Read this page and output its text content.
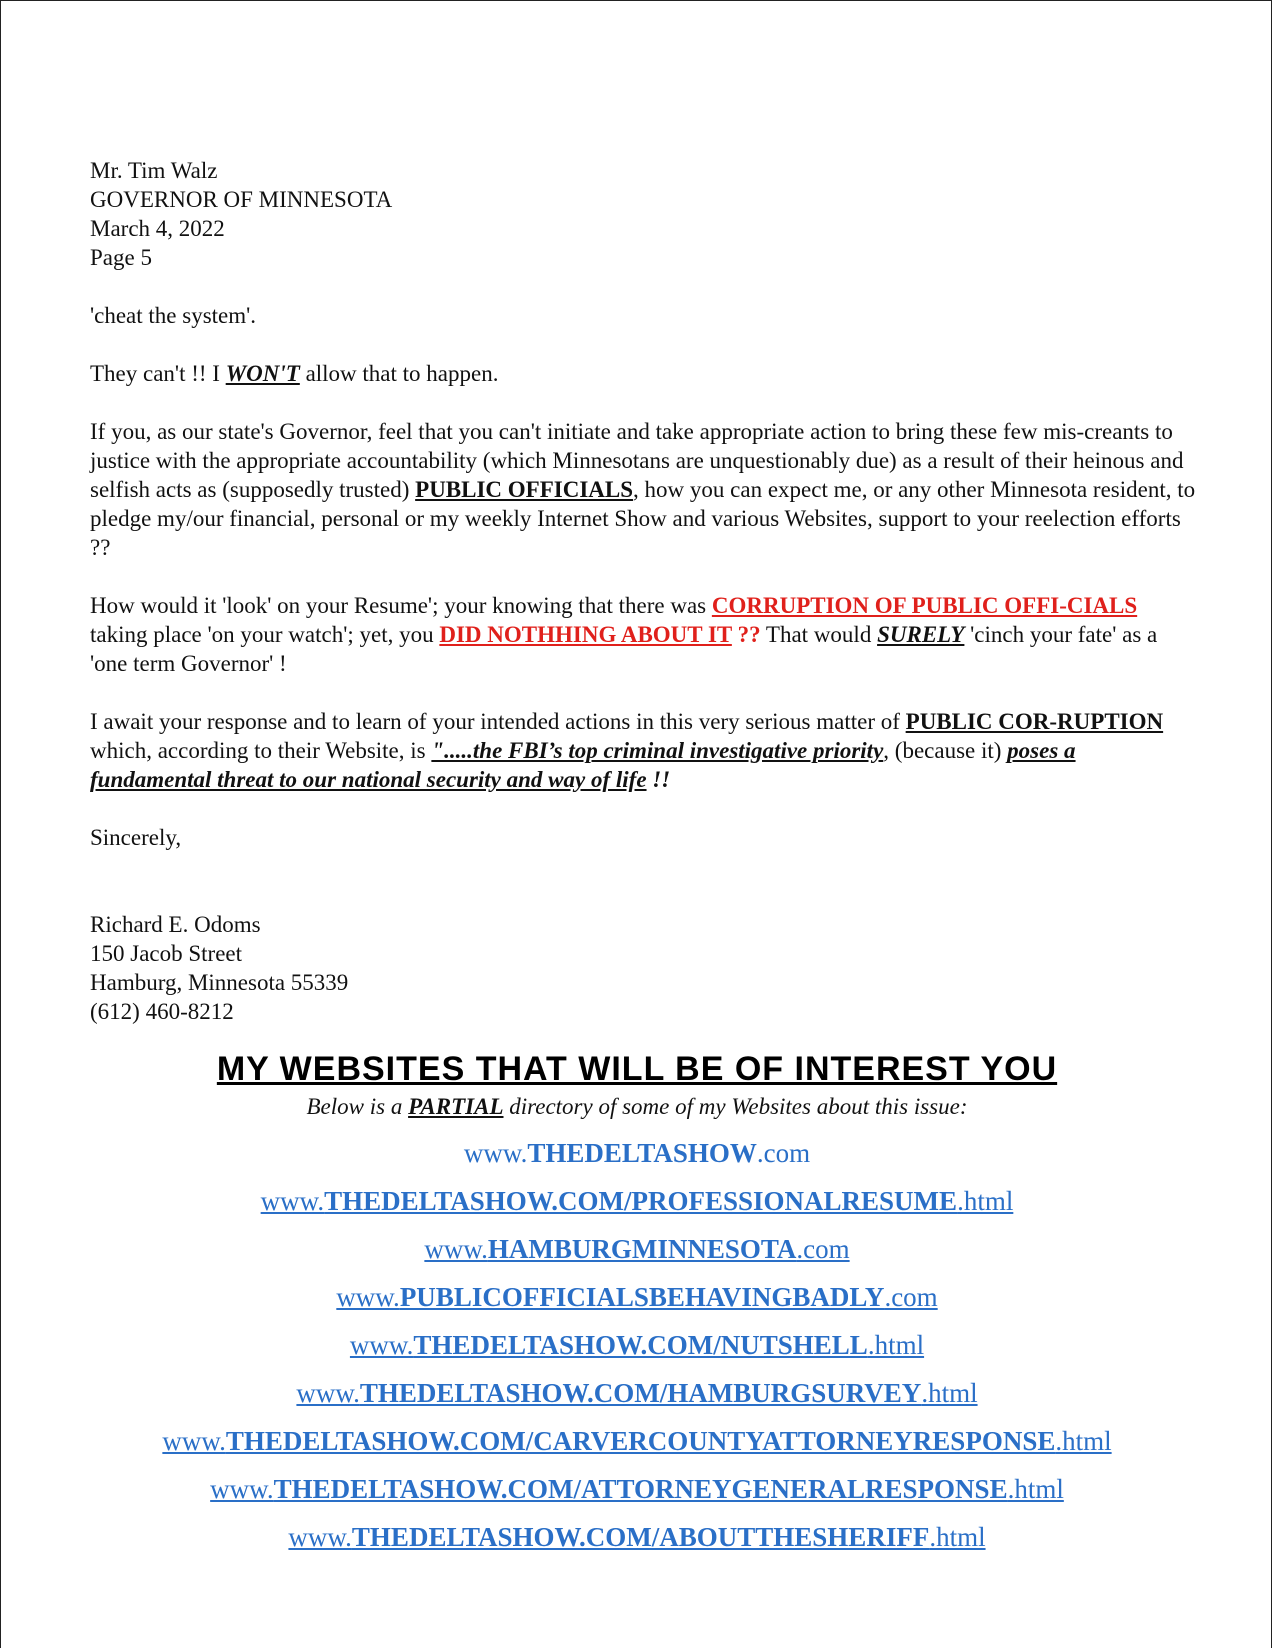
Mr. Tim Walz
GOVERNOR OF MINNESOTA
March 4, 2022
Page 5

'cheat the system'.

They can't !! I WON'T allow that to happen.

If you, as our state's Governor, feel that you can't initiate and take appropriate action to bring these few mis-creants to justice with the appropriate accountability (which Minnesotans are unquestionably due) as a result of their heinous and selfish acts as (supposedly trusted) PUBLIC OFFICIALS, how you can expect me, or any other Minnesota resident, to pledge my/our financial, personal or my weekly Internet Show and various Websites, support to your reelection efforts ??

How would it 'look' on your Resume'; your knowing that there was CORRUPTION OF PUBLIC OFFI-CIALS taking place 'on your watch'; yet, you DID NOTHHING ABOUT IT ?? That would SURELY 'cinch your fate' as a 'one term Governor' !

I await your response and to learn of your intended actions in this very serious matter of PUBLIC COR-RUPTION which, according to their Website, is ".....the FBI’s top criminal investigative priority, (because it) poses a fundamental threat to our national security and way of life !!

Sincerely,

Richard E. Odoms
150 Jacob Street
Hamburg, Minnesota 55339
(612) 460-8212
MY WEBSITES THAT WILL BE OF INTEREST YOU
Below is a PARTIAL directory of some of my Websites about this issue:
www.THEDELTASHOW.com
www.THEDELTASHOW.COM/PROFESSIONALRESUME.html
www.HAMBURGMINNESOTA.com
www.PUBLICOFFICIALSBEHAVINGBADLY.com
www.THEDELTASHOW.COM/NUTSHELL.html
www.THEDELTASHOW.COM/HAMBURGSURVEY.html
www.THEDELTASHOW.COM/CARVERCOUNTYATTORNEYRESPONSE.html
www.THEDELTASHOW.COM/ATTORNEYGENERALRESPONSE.html
www.THEDELTASHOW.COM/ABOUTTHESHERIFF.html
